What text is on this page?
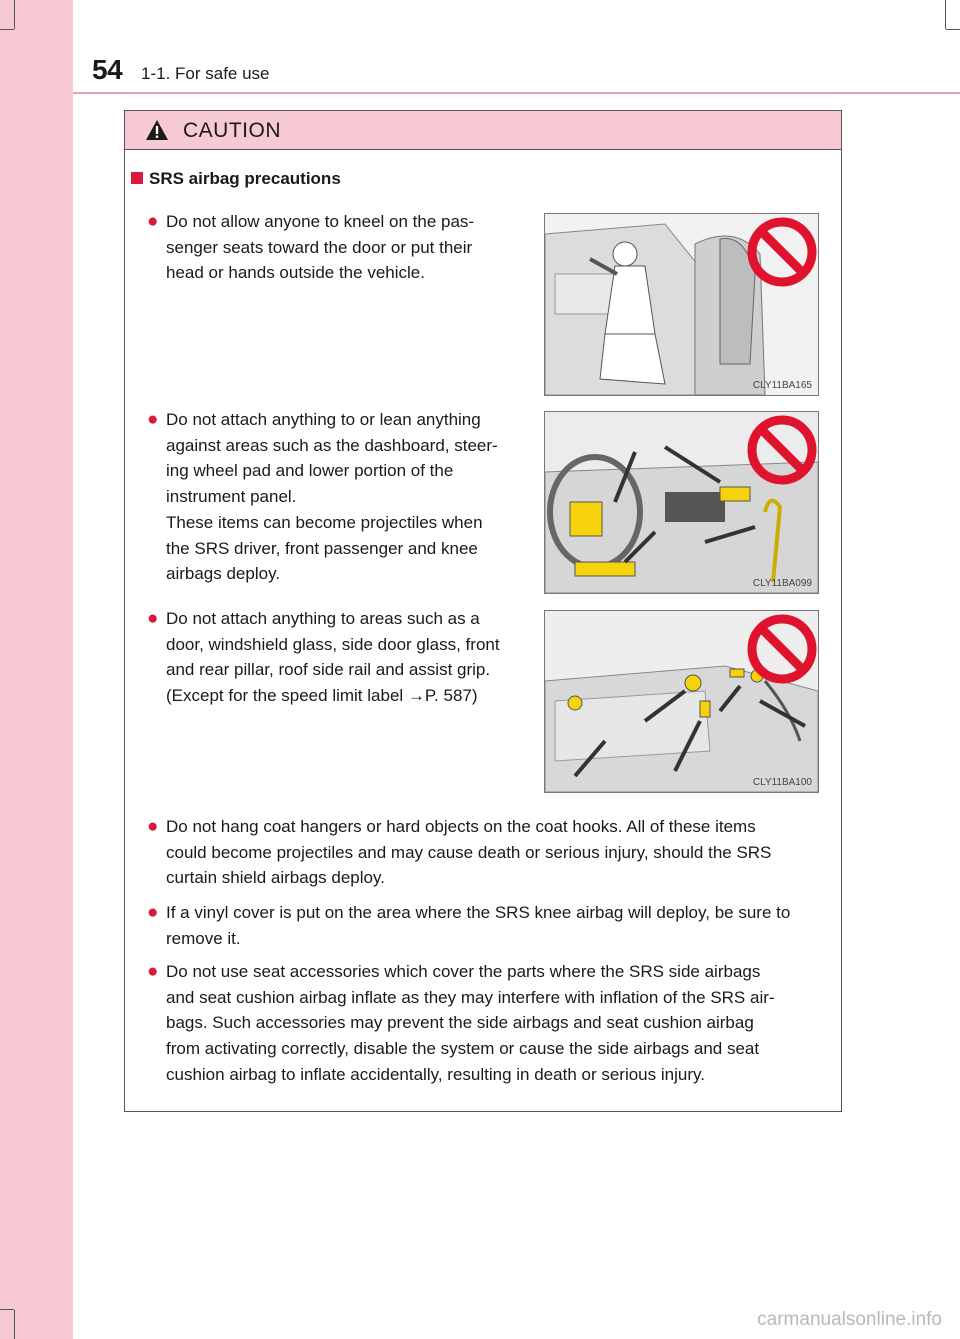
54 1-1. For safe use
CAUTION
SRS airbag precautions
● Do not allow anyone to kneel on the pas-
senger seats toward the door or put their
head or hands outside the vehicle.
CLY11BA165
● Do not attach anything to or lean anything
against areas such as the dashboard, steer-
ing wheel pad and lower portion of the
instrument panel.
These items can become projectiles when
the SRS driver, front passenger and knee
airbags deploy.
CLY11BA099
● Do not attach anything to areas such as a
door, windshield glass, side door glass, front
and rear pillar, roof side rail and assist grip.
(Except for the speed limit label →P. 587)
CLY11BA100
● Do not hang coat hangers or hard objects on the coat hooks. All of these items
could become projectiles and may cause death or serious injury, should the SRS
curtain shield airbags deploy.
● If a vinyl cover is put on the area where the SRS knee airbag will deploy, be sure to
remove it.
● Do not use seat accessories which cover the parts where the SRS side airbags
and seat cushion airbag inflate as they may interfere with inflation of the SRS air-
bags. Such accessories may prevent the side airbags and seat cushion airbag
from activating correctly, disable the system or cause the side airbags and seat
cushion airbag to inflate accidentally, resulting in death or serious injury.
carmanualsonline.info
